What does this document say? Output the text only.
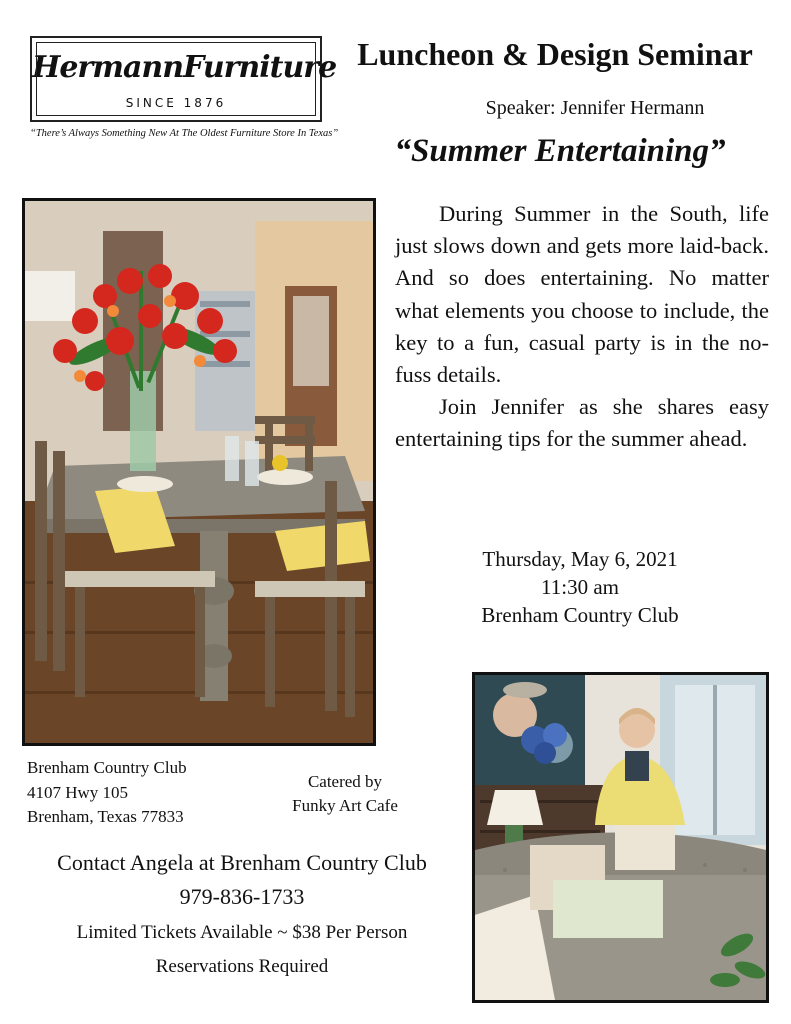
HermannFurniture
SINCE 1876
“There’s Always Something New At The Oldest Furniture Store In Texas”
Luncheon & Design Seminar
Speaker: Jennifer Hermann
“Summer Entertaining”

During Summer in the South, life just slows down and gets more laid-back. And so does entertaining. No matter what elements you choose to include, the key to a fun, casual party is in the no-fuss details.

Join Jennifer as she shares easy entertaining tips for the summer ahead.

Thursday, May 6, 2021
11:30 am
Brenham Country Club
Brenham Country Club
4107 Hwy 105
Brenham, Texas 77833
Catered by
Funky Art Cafe
Contact Angela at Brenham Country Club
979-836-1733
Limited Tickets Available ~ $38 Per Person
Reservations Required
